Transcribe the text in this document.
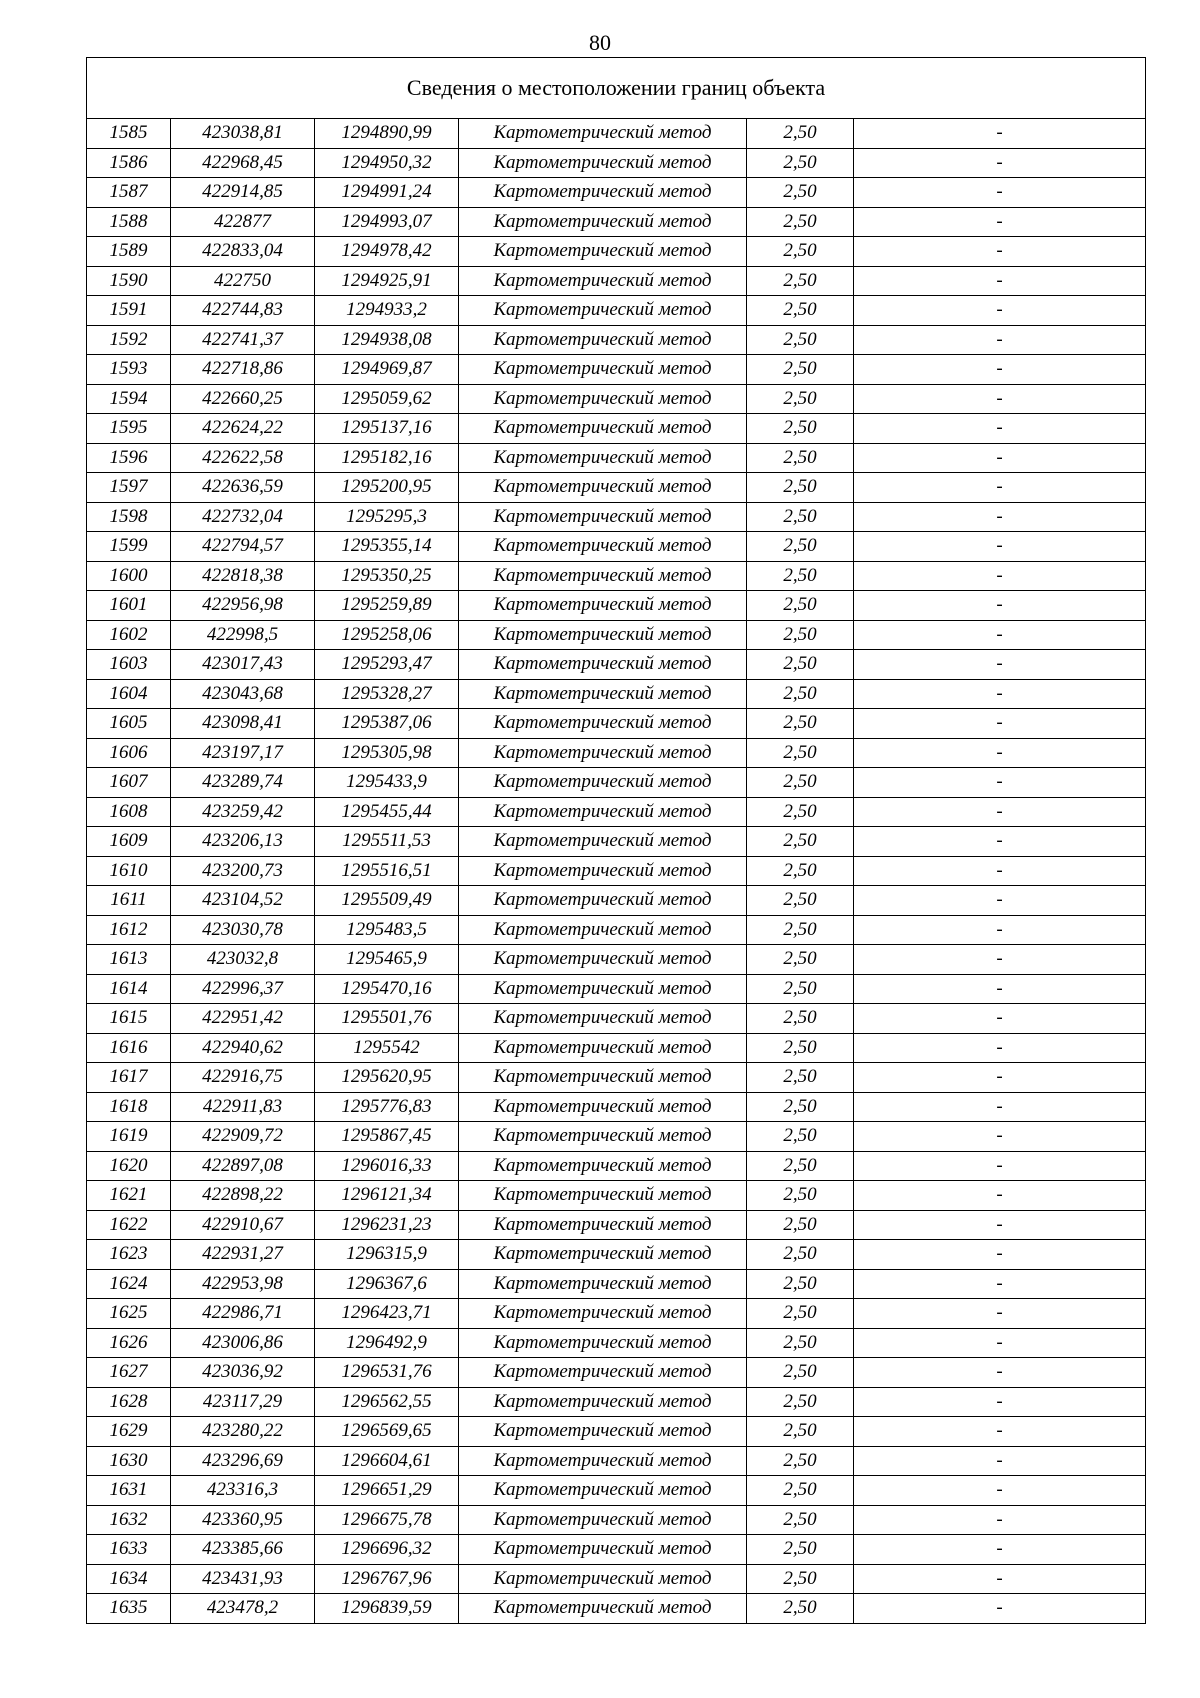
80
Сведения о местоположении границ объекта					
1585	423038,81	1294890,99	Картометрический метод	2,50	-
1586	422968,45	1294950,32	Картометрический метод	2,50	-
1587	422914,85	1294991,24	Картометрический метод	2,50	-
1588	422877	1294993,07	Картометрический метод	2,50	-
1589	422833,04	1294978,42	Картометрический метод	2,50	-
1590	422750	1294925,91	Картометрический метод	2,50	-
1591	422744,83	1294933,2	Картометрический метод	2,50	-
1592	422741,37	1294938,08	Картометрический метод	2,50	-
1593	422718,86	1294969,87	Картометрический метод	2,50	-
1594	422660,25	1295059,62	Картометрический метод	2,50	-
1595	422624,22	1295137,16	Картометрический метод	2,50	-
1596	422622,58	1295182,16	Картометрический метод	2,50	-
1597	422636,59	1295200,95	Картометрический метод	2,50	-
1598	422732,04	1295295,3	Картометрический метод	2,50	-
1599	422794,57	1295355,14	Картометрический метод	2,50	-
1600	422818,38	1295350,25	Картометрический метод	2,50	-
1601	422956,98	1295259,89	Картометрический метод	2,50	-
1602	422998,5	1295258,06	Картометрический метод	2,50	-
1603	423017,43	1295293,47	Картометрический метод	2,50	-
1604	423043,68	1295328,27	Картометрический метод	2,50	-
1605	423098,41	1295387,06	Картометрический метод	2,50	-
1606	423197,17	1295305,98	Картометрический метод	2,50	-
1607	423289,74	1295433,9	Картометрический метод	2,50	-
1608	423259,42	1295455,44	Картометрический метод	2,50	-
1609	423206,13	1295511,53	Картометрический метод	2,50	-
1610	423200,73	1295516,51	Картометрический метод	2,50	-
1611	423104,52	1295509,49	Картометрический метод	2,50	-
1612	423030,78	1295483,5	Картометрический метод	2,50	-
1613	423032,8	1295465,9	Картометрический метод	2,50	-
1614	422996,37	1295470,16	Картометрический метод	2,50	-
1615	422951,42	1295501,76	Картометрический метод	2,50	-
1616	422940,62	1295542	Картометрический метод	2,50	-
1617	422916,75	1295620,95	Картометрический метод	2,50	-
1618	422911,83	1295776,83	Картометрический метод	2,50	-
1619	422909,72	1295867,45	Картометрический метод	2,50	-
1620	422897,08	1296016,33	Картометрический метод	2,50	-
1621	422898,22	1296121,34	Картометрический метод	2,50	-
1622	422910,67	1296231,23	Картометрический метод	2,50	-
1623	422931,27	1296315,9	Картометрический метод	2,50	-
1624	422953,98	1296367,6	Картометрический метод	2,50	-
1625	422986,71	1296423,71	Картометрический метод	2,50	-
1626	423006,86	1296492,9	Картометрический метод	2,50	-
1627	423036,92	1296531,76	Картометрический метод	2,50	-
1628	423117,29	1296562,55	Картометрический метод	2,50	-
1629	423280,22	1296569,65	Картометрический метод	2,50	-
1630	423296,69	1296604,61	Картометрический метод	2,50	-
1631	423316,3	1296651,29	Картометрический метод	2,50	-
1632	423360,95	1296675,78	Картометрический метод	2,50	-
1633	423385,66	1296696,32	Картометрический метод	2,50	-
1634	423431,93	1296767,96	Картометрический метод	2,50	-
1635	423478,2	1296839,59	Картометрический метод	2,50	-
